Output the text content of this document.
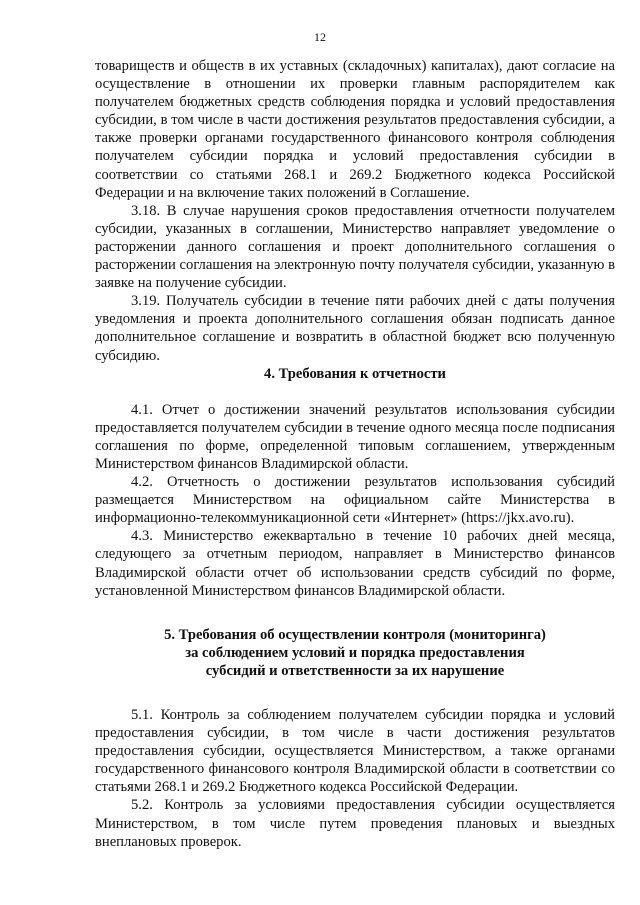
12

товариществ и обществ в их уставных (складочных) капиталах), дают согласие на осуществление в отношении их проверки главным распорядителем как получателем бюджетных средств соблюдения порядка и условий предоставления субсидии, в том числе в части достижения результатов предоставления субсидии, а также проверки органами государственного финансового контроля соблюдения получателем субсидии порядка и условий предоставления субсидии в соответствии со статьями 268.1 и 269.2 Бюджетного кодекса Российской Федерации и на включение таких положений в Соглашение.

3.18. В случае нарушения сроков предоставления отчетности получателем субсидии, указанных в соглашении, Министерство направляет уведомление о расторжении данного соглашения и проект дополнительного соглашения о расторжении соглашения на электронную почту получателя субсидии, указанную в заявке на получение субсидии.

3.19. Получатель субсидии в течение пяти рабочих дней с даты получения уведомления и проекта дополнительного соглашения обязан подписать данное дополнительное соглашение и возвратить в областной бюджет всю полученную субсидию.

4. Требования к отчетности

4.1. Отчет о достижении значений результатов использования субсидии предоставляется получателем субсидии в течение одного месяца после подписания соглашения по форме, определенной типовым соглашением, утвержденным Министерством финансов Владимирской области.

4.2. Отчетность о достижении результатов использования субсидий размещается Министерством на официальном сайте Министерства в информационно-телекоммуникационной сети «Интернет» (https://jkx.avo.ru).

4.3. Министерство ежеквартально в течение 10 рабочих дней месяца, следующего за отчетным периодом, направляет в Министерство финансов Владимирской области отчет об использовании средств субсидий по форме, установленной Министерством финансов Владимирской области.

5. Требования об осуществлении контроля (мониторинга)

за соблюдением условий и порядка предоставления

субсидий и ответственности за их нарушение

5.1. Контроль за соблюдением получателем субсидии порядка и условий предоставления субсидии, в том числе в части достижения результатов предоставления субсидии, осуществляется Министерством, а также органами государственного финансового контроля Владимирской области в соответствии со статьями 268.1 и 269.2 Бюджетного кодекса Российской Федерации.

5.2. Контроль за условиями предоставления субсидии осуществляется Министерством, в том числе путем проведения плановых и выездных внеплановых проверок.
